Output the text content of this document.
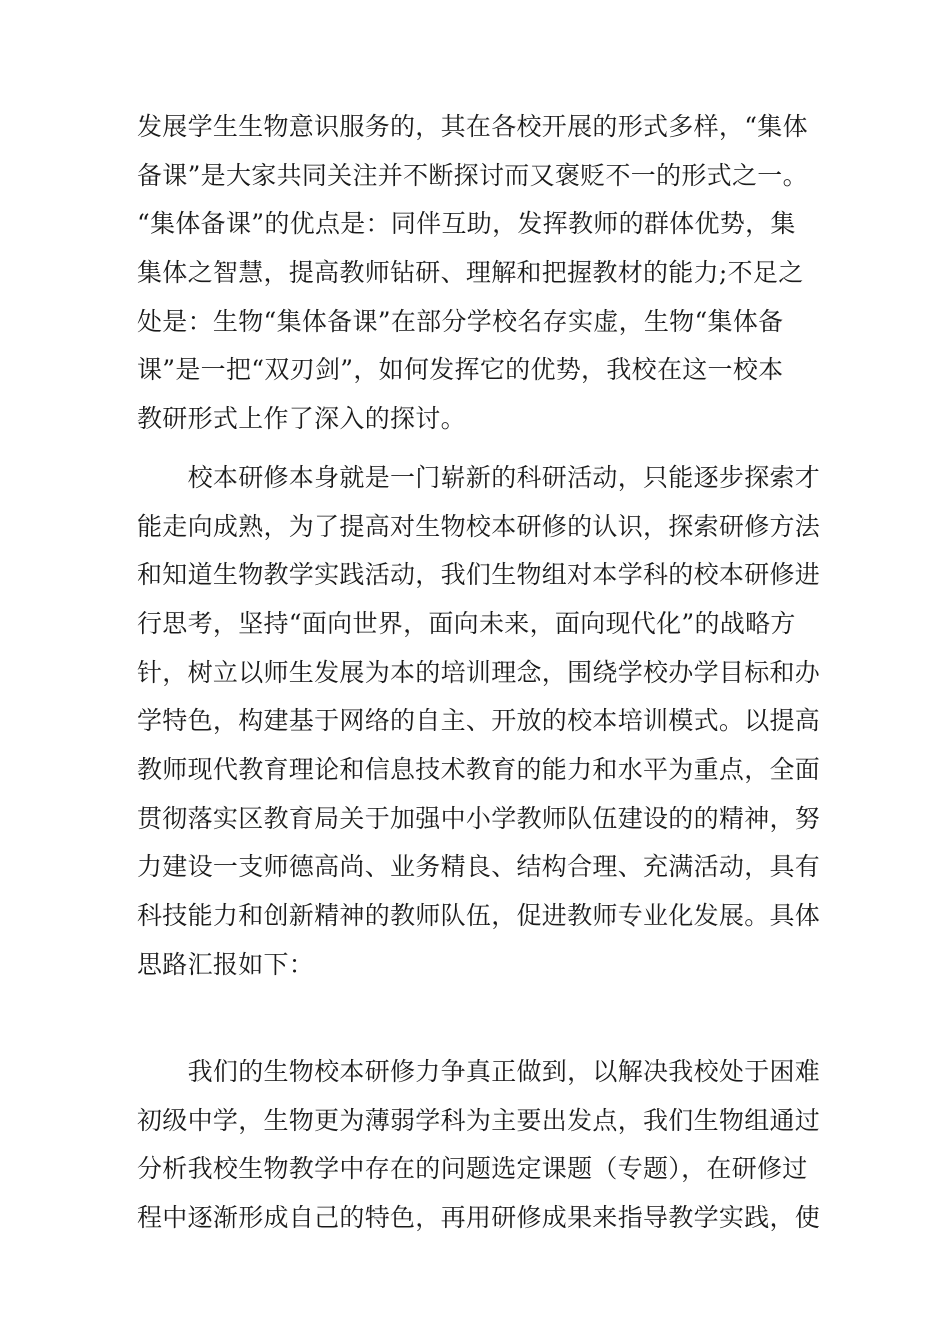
发展学生生物意识服务的，其在各校开展的形式多样，“集体
备课”是大家共同关注并不断探讨而又褒贬不一的形式之一。
“集体备课”的优点是：同伴互助，发挥教师的群体优势，集
集体之智慧，提高教师钻研、理解和把握教材的能力;不足之
处是：生物“集体备课”在部分学校名存实虚，生物“集体备
课”是一把“双刃剑”，如何发挥它的优势，我校在这一校本
教研形式上作了深入的探讨。
　　校本研修本身就是一门崭新的科研活动，只能逐步探索才
能走向成熟，为了提高对生物校本研修的认识，探索研修方法
和知道生物教学实践活动，我们生物组对本学科的校本研修进
行思考，坚持“面向世界，面向未来，面向现代化”的战略方
针，树立以师生发展为本的培训理念，围绕学校办学目标和办
学特色，构建基于网络的自主、开放的校本培训模式。以提高
教师现代教育理论和信息技术教育的能力和水平为重点，全面
贯彻落实区教育局关于加强中小学教师队伍建设的的精神，努
力建设一支师德高尚、业务精良、结构合理、充满活动，具有
科技能力和创新精神的教师队伍，促进教师专业化发展。具体
思路汇报如下：
　　我们的生物校本研修力争真正做到，以解决我校处于困难
初级中学，生物更为薄弱学科为主要出发点，我们生物组通过
分析我校生物教学中存在的问题选定课题（专题），在研修过
程中逐渐形成自己的特色，再用研修成果来指导教学实践，使
